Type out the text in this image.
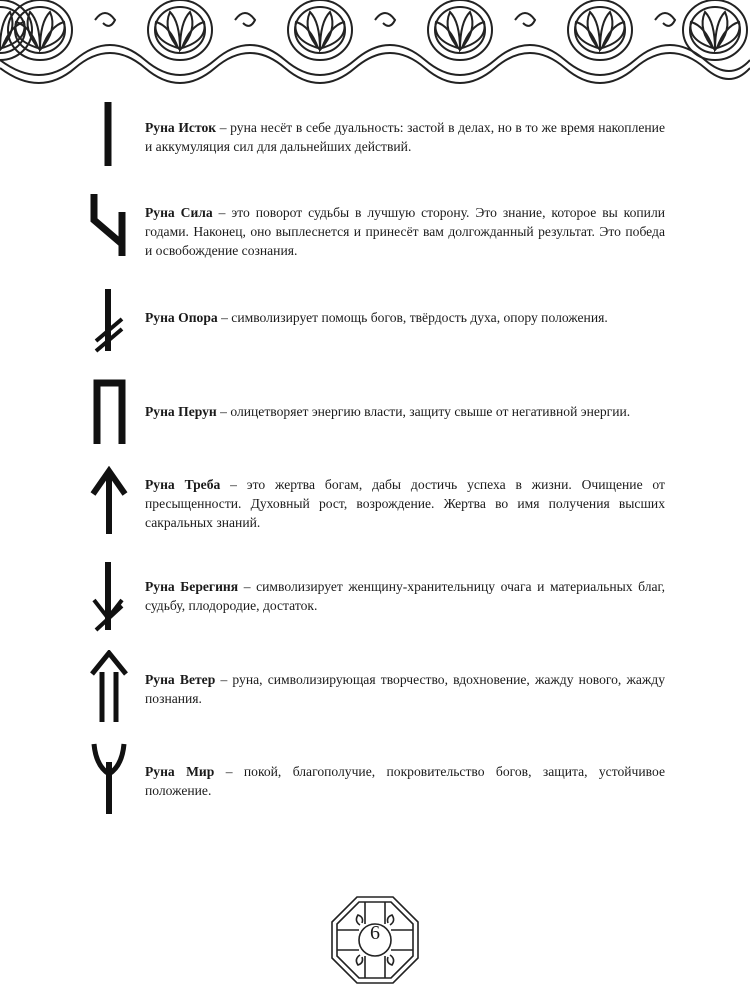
Руна Исток – руна несёт в себе дуальность: застой в делах, но в то же время накопление и аккумуляция сил для дальнейших действий.
Руна Сила – это поворот судьбы в лучшую сторону. Это знание, которое вы копили годами. Наконец, оно выплеснется и принесёт вам долгожданный результат. Это победа и освобождение сознания.
Руна Опора – символизирует помощь богов, твёрдость духа, опору положения.
Руна Перун – олицетворяет энергию власти, защиту свыше от негативной энергии.
Руна Треба – это жертва богам, дабы достичь успеха в жизни. Очищение от пресыщенности. Духовный рост, возрождение. Жертва во имя получения высших сакральных знаний.
Руна Берегиня – символизирует женщину-хранительницу очага и материальных благ, судьбу, плодородие, достаток.
Руна Ветер – руна, символизирующая творчество, вдохновение, жажду нового, жажду познания.
Руна Мир – покой, благополучие, покровительство богов, защита, устойчивое положение.
6
